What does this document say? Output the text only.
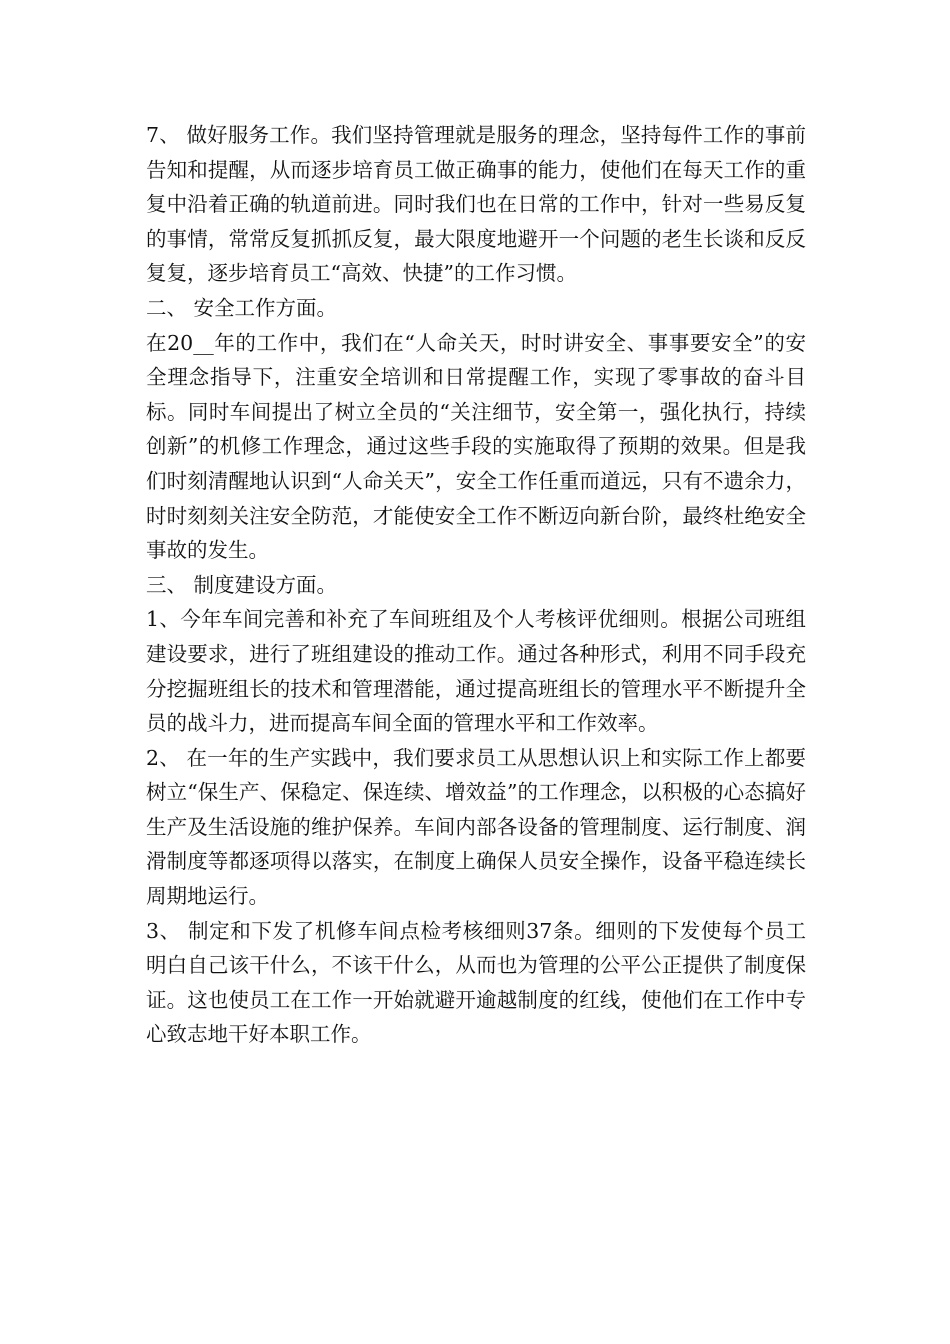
7、 做好服务工作。我们坚持管理就是服务的理念，坚持每件工作的事前告知和提醒，从而逐步培育员工做正确事的能力，使他们在每天工作的重复中沿着正确的轨道前进。同时我们也在日常的工作中，针对一些易反复的事情，常常反复抓抓反复，最大限度地避开一个问题的老生长谈和反反复复，逐步培育员工“高效、快捷”的工作习惯。

二、 安全工作方面。

在20__年的工作中，我们在“人命关天，时时讲安全、事事要安全”的安全理念指导下，注重安全培训和日常提醒工作，实现了零事故的奋斗目标。同时车间提出了树立全员的“关注细节，安全第一，强化执行，持续创新”的机修工作理念，通过这些手段的实施取得了预期的效果。但是我们时刻清醒地认识到“人命关天”，安全工作任重而道远，只有不遗余力，时时刻刻关注安全防范，才能使安全工作不断迈向新台阶，最终杜绝安全事故的发生。

三、 制度建设方面。

1、今年车间完善和补充了车间班组及个人考核评优细则。根据公司班组建设要求，进行了班组建设的推动工作。通过各种形式，利用不同手段充分挖掘班组长的技术和管理潜能，通过提高班组长的管理水平不断提升全员的战斗力，进而提高车间全面的管理水平和工作效率。

2、 在一年的生产实践中，我们要求员工从思想认识上和实际工作上都要树立“保生产、保稳定、保连续、增效益”的工作理念，以积极的心态搞好生产及生活设施的维护保养。车间内部各设备的管理制度、运行制度、润滑制度等都逐项得以落实，在制度上确保人员安全操作，设备平稳连续长周期地运行。

3、 制定和下发了机修车间点检考核细则37条。细则的下发使每个员工明白自己该干什么，不该干什么，从而也为管理的公平公正提供了制度保证。这也使员工在工作一开始就避开逾越制度的红线，使他们在工作中专心致志地干好本职工作。
